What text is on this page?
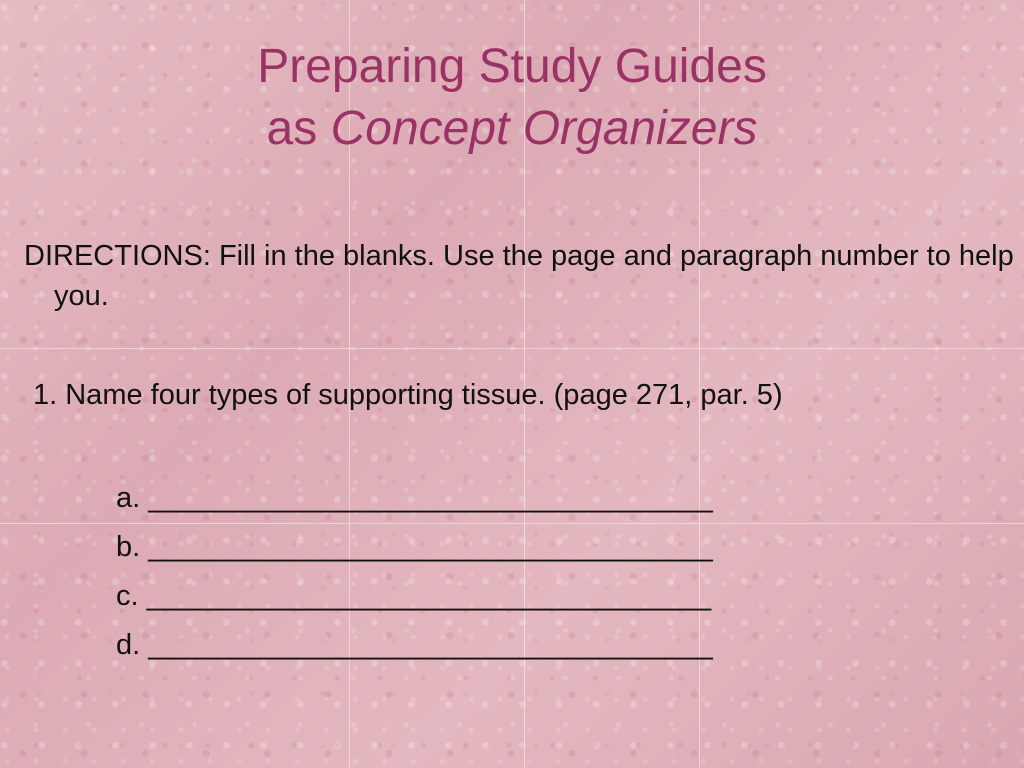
Preparing Study Guides
as Concept Organizers

DIRECTIONS: Fill in the blanks. Use the page and paragraph number to help you.

1. Name four types of supporting tissue. (page 271, par. 5)

a. ___________________________________
b. ___________________________________
c. ___________________________________
d. ___________________________________
